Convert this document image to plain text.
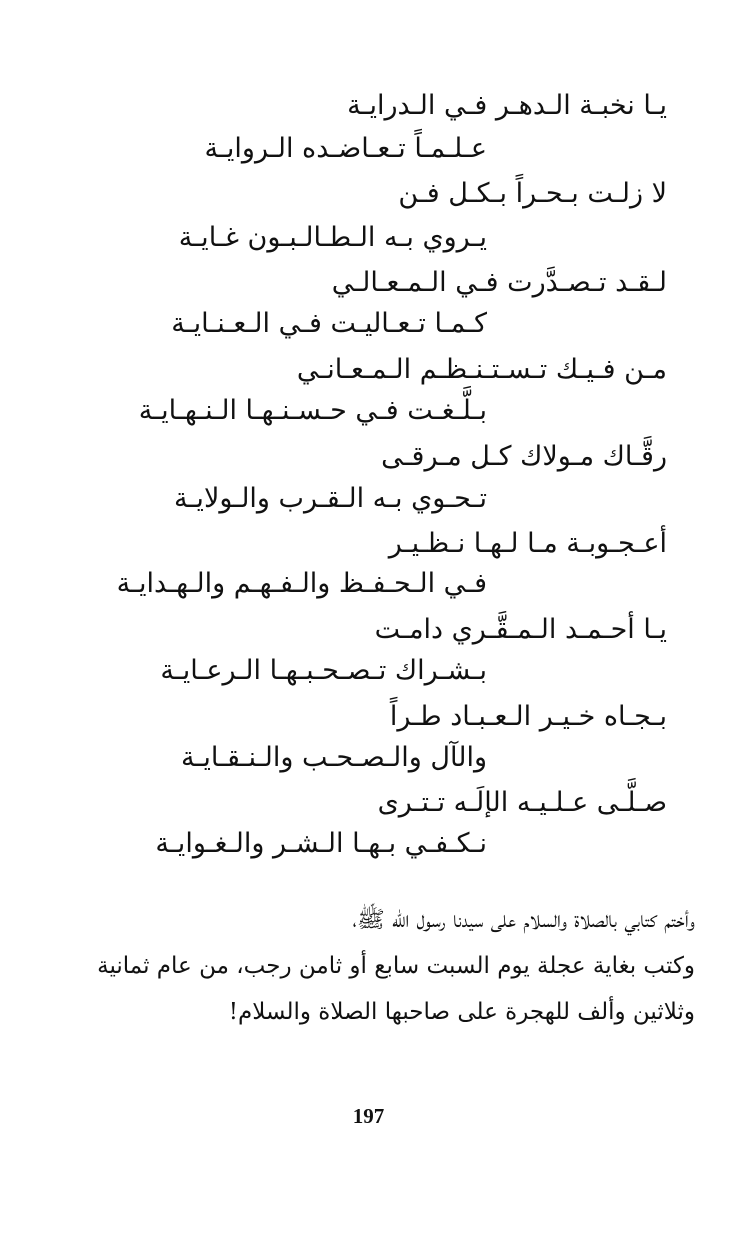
يـا نخبـة الـدهـر فـي الـدرايـة
عـلـمـاً تـعـاضـده الـروايـة
لا زلـت بـحـراً بـكـل فـن
يـروي بـه الـطـالـبـون غـايـة
لـقـد تـصـدَّرت فـي الـمـعـالـي
كـمـا تـعـاليـت فـي الـعـنـايـة
مـن فـيـك تـسـتـنـظـم الـمـعـانـي
بـلَّـغـت فـي حـسـنـهـا الـنـهـايـة
رقَّـاك مـولاك كـل مـرقـى
تـحـوي بـه الـقـرب والـولايـة
أعـجـوبـة مـا لـهـا نـظـيـر
فـي الـحـفـظ والـفـهـم والـهـدايـة
يـا أحـمـد الـمـقَّـري دامـت
بـشـراك تـصـحـبـهـا الـرعـايـة
بـجـاه خـيـر الـعـبـاد طـراً
والآل والـصـحـب والـنـقـايـة
صـلَّـى عـلـيـه الإلَـه تـتـرى
نـكـفـي بـهـا الـشـر والـغـوايـة

وأختم كتابي بالصلاة والسلام على سيدنا رسول الله ﷺ،

وكتب بغاية عجلة يوم السبت سابع أو ثامن رجب، من عام ثمانية

وثلاثين وألف للهجرة على صاحبها الصلاة والسلام!

197
